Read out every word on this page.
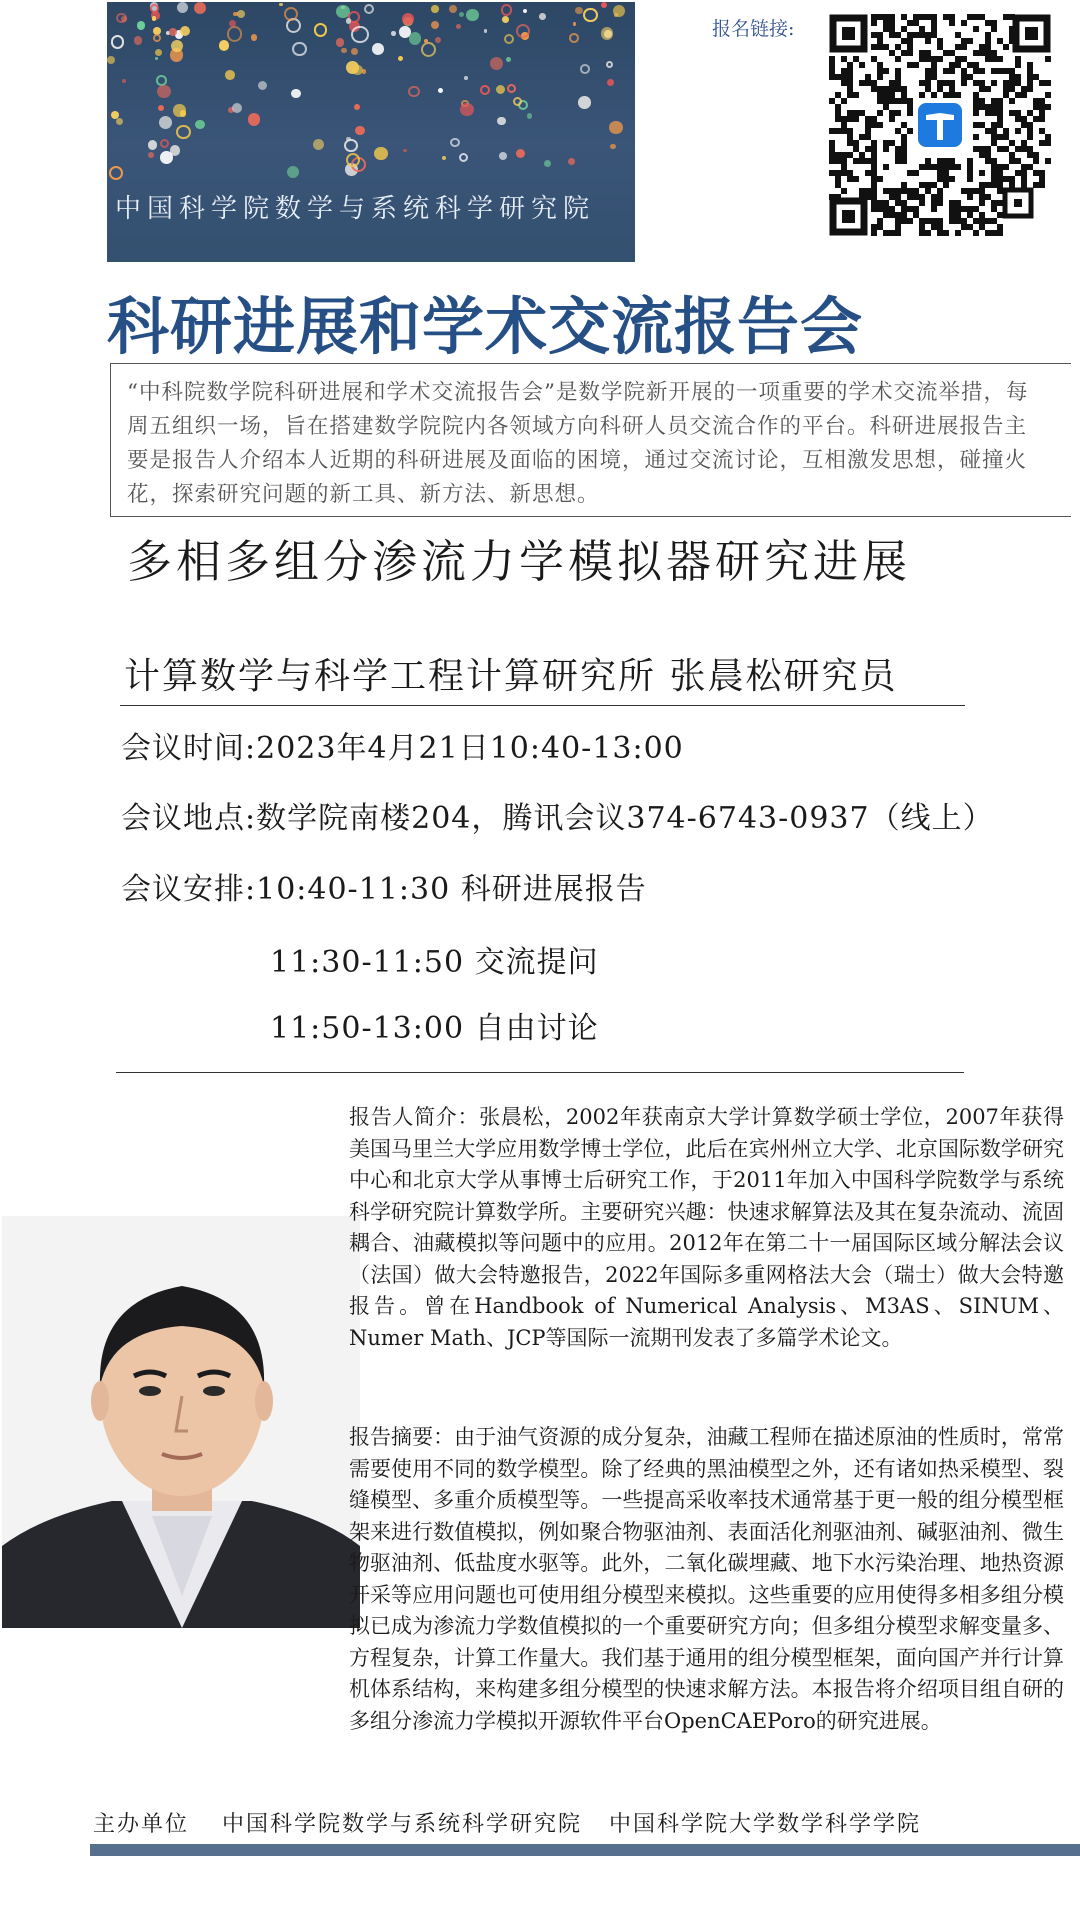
中国科学院数学与系统科学研究院
报名链接:
科研进展和学术交流报告会
“中科院数学院科研进展和学术交流报告会”是数学院新开展的一项重要的学术交流举措，每周五组织一场，旨在搭建数学院院内各领域方向科研人员交流合作的平台。科研进展报告主要是报告人介绍本人近期的科研进展及面临的困境，通过交流讨论，互相激发思想，碰撞火花，探索研究问题的新工具、新方法、新思想。
多相多组分渗流力学模拟器研究进展
计算数学与科学工程计算研究所 张晨松研究员
会议时间:2023年4月21日10:40-13:00
会议地点:数学院南楼204，腾讯会议374-6743-0937（线上）
会议安排:10:40-11:30 科研进展报告
11:30-11:50 交流提问
11:50-13:00 自由讨论
报告人简介：张晨松，2002年获南京大学计算数学硕士学位，2007年获得美国马里兰大学应用数学博士学位，此后在宾州州立大学、北京国际数学研究中心和北京大学从事博士后研究工作，于2011年加入中国科学院数学与系统科学研究院计算数学所。主要研究兴趣：快速求解算法及其在复杂流动、流固耦合、油藏模拟等问题中的应用。2012年在第二十一届国际区域分解法会议（法国）做大会特邀报告，2022年国际多重网格法大会（瑞士）做大会特邀报告。曾在Handbook of Numerical Analysis、M3AS、SINUM、Numer Math、JCP等国际一流期刊发表了多篇学术论文。
报告摘要：由于油气资源的成分复杂，油藏工程师在描述原油的性质时，常常需要使用不同的数学模型。除了经典的黑油模型之外，还有诸如热采模型、裂缝模型、多重介质模型等。一些提高采收率技术通常基于更一般的组分模型框架来进行数值模拟，例如聚合物驱油剂、表面活化剂驱油剂、碱驱油剂、微生物驱油剂、低盐度水驱等。此外，二氧化碳埋藏、地下水污染治理、地热资源开采等应用问题也可使用组分模型来模拟。这些重要的应用使得多相多组分模拟已成为渗流力学数值模拟的一个重要研究方向；但多组分模型求解变量多、方程复杂，计算工作量大。我们基于通用的组分模型框架，面向国产并行计算机体系结构，来构建多组分模型的快速求解方法。本报告将介绍项目组自研的多组分渗流力学模拟开源软件平台OpenCAEPoro的研究进展。
主办单位 中国科学院数学与系统科学研究院 中国科学院大学数学科学学院
